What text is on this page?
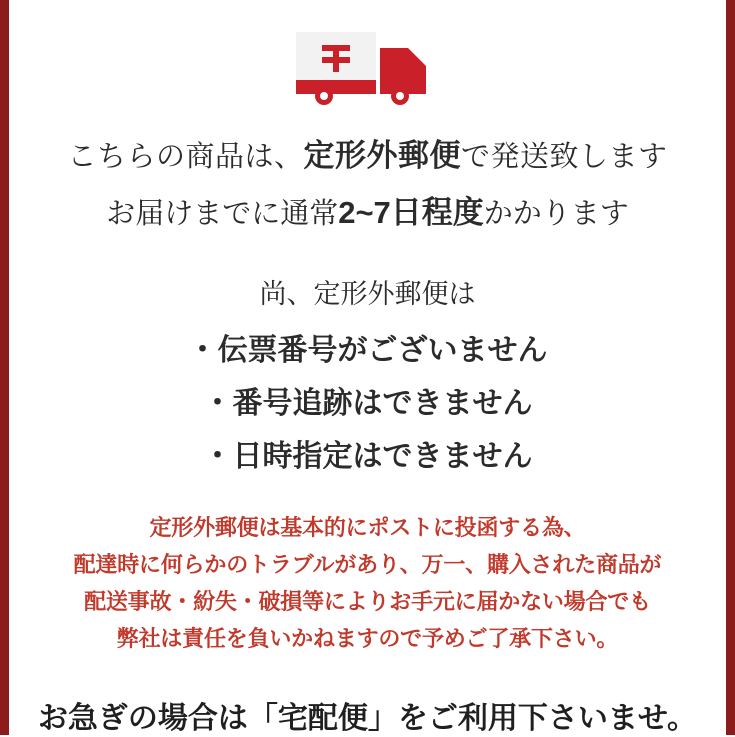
こちらの商品は、定形外郵便で発送致します
お届けまでに通常2~7日程度かかります
尚、定形外郵便は
・伝票番号がございません
・番号追跡はできません
・日時指定はできません
定形外郵便は基本的にポストに投函する為、
配達時に何らかのトラブルがあり、万一、購入された商品が
配送事故・紛失・破損等によりお手元に届かない場合でも
弊社は責任を負いかねますので予めご了承下さい。
お急ぎの場合は「宅配便」をご利用下さいませ。
